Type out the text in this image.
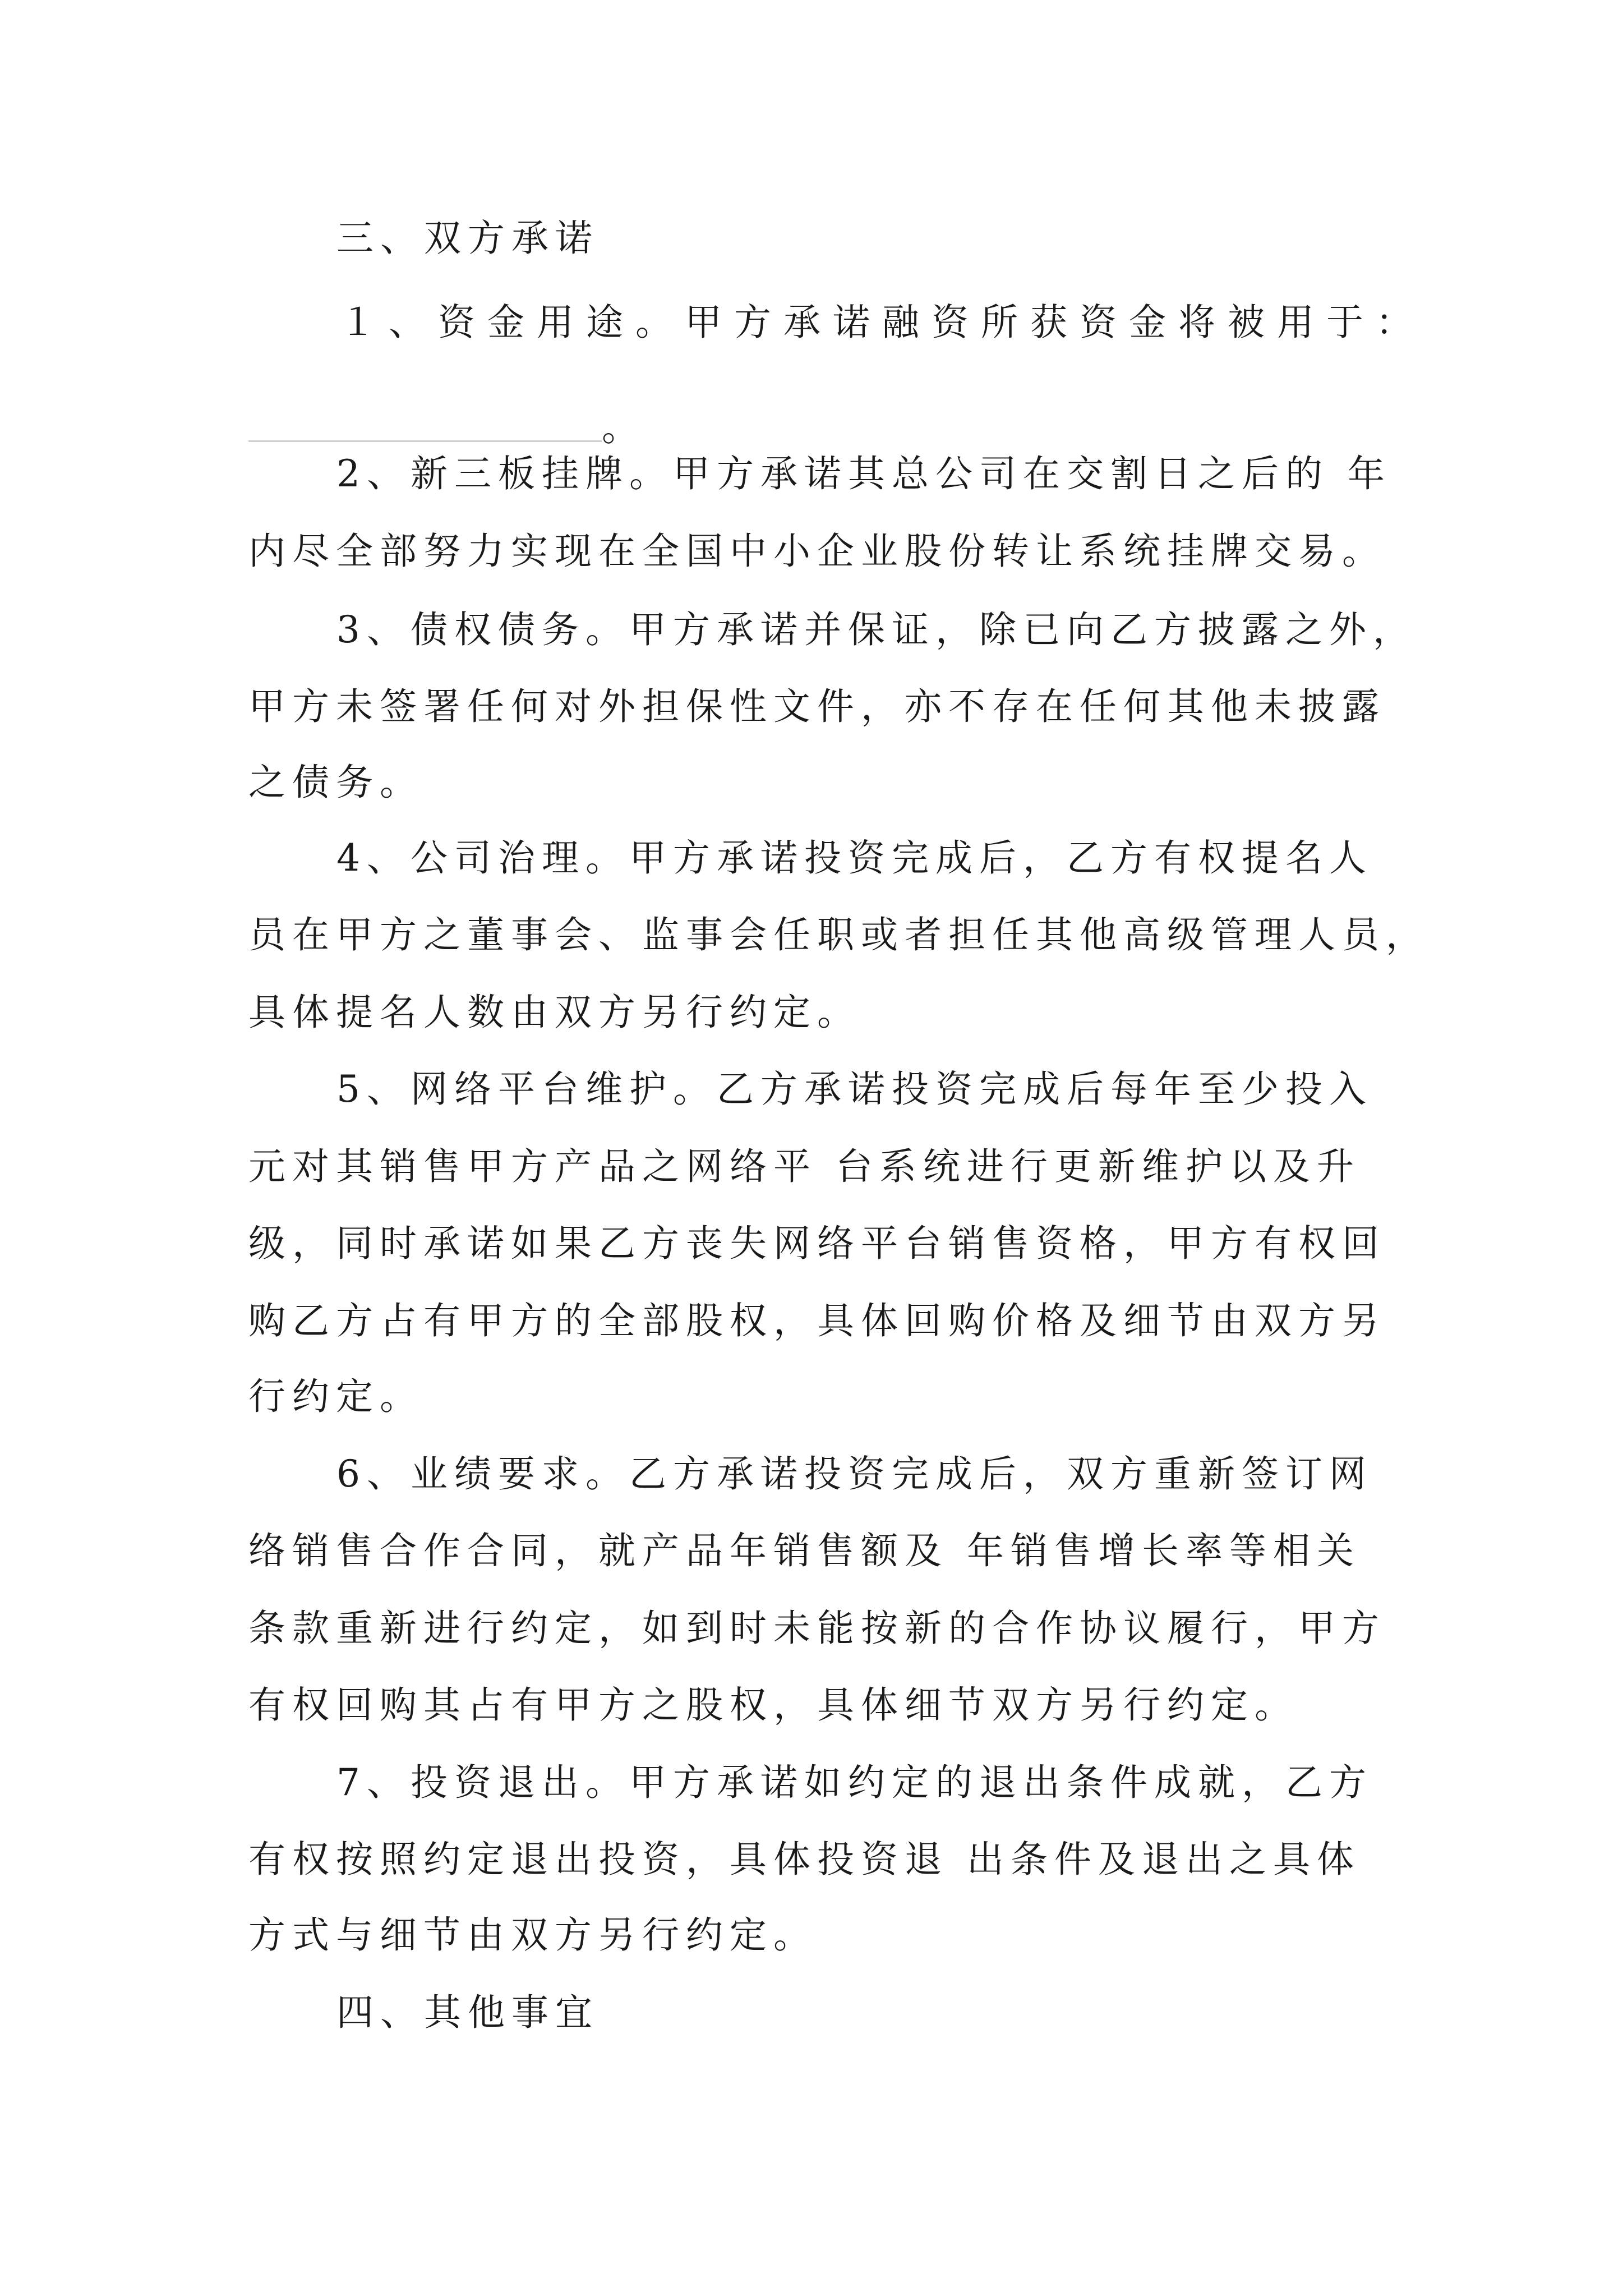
三、双方承诺
１、资金用途。甲方承诺融资所获资金将被用于：
。
2、新三板挂牌。甲方承诺其总公司在交割日之后的 年
内尽全部努力实现在全国中小企业股份转让系统挂牌交易。
3、债权债务。甲方承诺并保证，除已向乙方披露之外，
甲方未签署任何对外担保性文件，亦不存在任何其他未披露
之债务。
4、公司治理。甲方承诺投资完成后，乙方有权提名人
员在甲方之董事会、监事会任职或者担任其他高级管理人员，
具体提名人数由双方另行约定。
5、网络平台维护。乙方承诺投资完成后每年至少投入
元对其销售甲方产品之网络平 台系统进行更新维护以及升
级，同时承诺如果乙方丧失网络平台销售资格，甲方有权回
购乙方占有甲方的全部股权，具体回购价格及细节由双方另
行约定。
6、业绩要求。乙方承诺投资完成后，双方重新签订网
络销售合作合同，就产品年销售额及 年销售增长率等相关
条款重新进行约定，如到时未能按新的合作协议履行，甲方
有权回购其占有甲方之股权，具体细节双方另行约定。
7、投资退出。甲方承诺如约定的退出条件成就，乙方
有权按照约定退出投资，具体投资退 出条件及退出之具体
方式与细节由双方另行约定。
四、其他事宜
